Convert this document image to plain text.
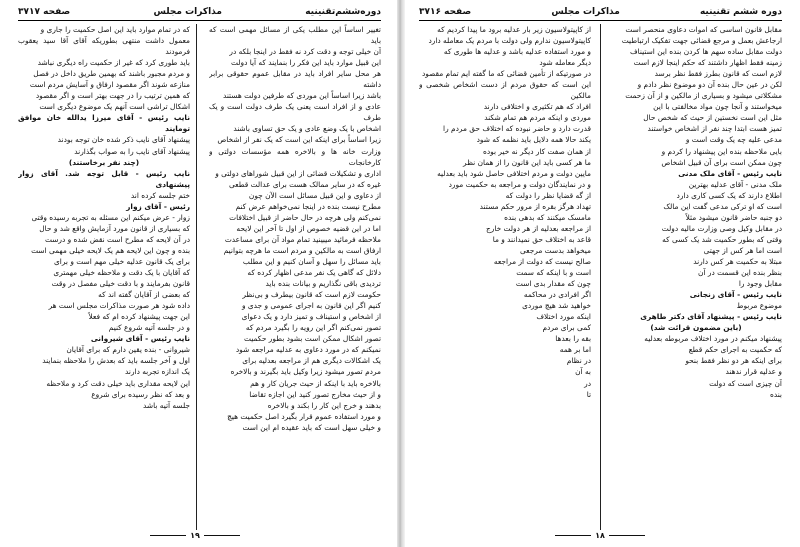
دوره‌ششم‌تقنینیه
مذاکرات مجلس
صفحه ۳۷۱۷

تغییر اساساً این مطلب یکی از مسائل مهمی است که باید

آن خیلی توجه و دقت کرد نه فقط در اینجا بلکه در

این قبیل موارد باید این فکر را بنمایند که آیا دولت

هر محل سایر افراد باید در مقابل عموم حقوقی برابر داشته

باشد زیرا اساساً این موردی که طرفین دولت هستند

عادی و از افراد است یعنی یک طرف دولت است و یک طرف

اشخاص با یک وضع عادی و یک حق تساوی باشند

زیرا اساساً برای اینکه این است که یک نفر از اشخاص

وزارت خانه ها و بالاخره همه مؤسسات دولتی و کارخانجات

اداری و تشکیلات قضائی از این قبیل شوراهای دولتی و

غیره که در سایر ممالک هست برای عدالت قطعی

از دعاوی و این قبیل مسائل است الآن چون

مطرح نیست بنده در اینجا نمی‌خواهم عرض کنم

نمی‌کنم ولی هرچه در حال حاضر از قبیل اختلافات

اما در این قضیه خصوص از اول تا آخر این لایحه

ملاحظه فرمائید میبینید تمام مواد آن برای مساعدت

ارفاق است به مالکین و مردم است ما هرچه بتوانیم

باید مسائل را سهل و آسان کنیم و این مطلب

دلائل که گاهی یک نفر مدعی اظهار کرده که

تردیدی باقی نگذاریم و بیانات بنده باید

حکومت لازم است که قانون بیطرف و بی‌نظر

کنیم اگر این قانون به اجرای عمومی و جدی و

از اشخاص و استیناف و تمیز دارد و یک دعوای

تصور نمی‌کنم اگر این رویه را بگیرد مردم که

تصور اشکال ممکن است بشود بطور حکمیت

نمیکنم که در مورد دعاوی به عدلیه مراجعه شود

یک اشکالات دیگری هم از مراجعه بعدلیه برای

مردم تصور میشود زیرا وکیل باید بگیرند و بالاخره

بالاخره باید با اینکه از حیث جریان کار و هم

و از حیث مخارج تصور کنید این اجازه تقاضا

بدهند و خرج این کار را بکند و بالاخره

و مورد استفاده عموم قرار بگیرد اصل حکمیت هیچ

و خیلی سهل است که باید عقیده ام این است

که در تمام موارد باید این اصل حکمیت را جاری و

معمول داشت منتهی بطوریکه آقای آقا سید یعقوب فرمودند

باید طوری کرد که غیر از حکمیت راه دیگری نباشد

و مردم مجبور باشند که بهمین طریق داخل در فصل

منازعه شوند اگر مقصود ارفاق و آسایش مردم است

که همین ترتیب را در جهت بهتر است و اگر مقصود

اشکال تراشی است آنهم یک موضوع دیگری است

نایب رئیس - آقای میرزا یدالله خان موافق تومایند

پیشنهاد آقای نایب ذکر شده خان توجه بودند

پیشنهاد آقای نایب را به صواب بگذارند

(چند نفر برخاستند)

نایب رئیس - قابل توجه شد. آقای زوار پیشنهادی

ختم جلسه کرده اند

رئیس - آقای زوار

زوار - عرض میکنم این مسئله به تجربه رسیده وقتی

که بسیاری از قانون مورد آزمایش واقع شد و حال

در آن لایحه که مطرح است نقض شده و درست

بنده و چون این لایحه هم یک لایحه خیلی مهمی است

برای یک قانون عدلیه خیلی مهم است و برای

که آقایان با یک دقت و ملاحظه خیلی مهمتری

قانون بفرمایند و با دقت خیلی مفصل در وقت

که بعضی از آقایان گفته اند که

داده شود هر صورت مذاکرات مجلس است هر

این جهت پیشنهاد کرده ام که فعلاً

و در جلسه آتیه شروع کنیم

نایب رئیس - آقای شیروانی

شیروانی - بنده یقین دارم که برای آقایان

اول و آخر جلسه باید که بعدش را ملاحظه بنمایند

یک اندازه تجربه دارند

این لایحه مقداری باید خیلی دقت کرد و ملاحظه

و بعد که نظر رسیده برای شروع

جلسه آتیه باشد

۱۹
دوره ششم تقنینیه
مذاکرات مجلس
صفحه ۳۷۱۶

مقابل قانون اساسی که اموات دعاوی منحصر است

ارجاعش بعمل و مرجع قضائی جهت تفکیک ارتباطیت

دولت مقابل ساده سهم ها کردن بنده این استیناف

زمینه فقط اظهار داشتند که حکم اینجا لازم است

لازم است که قانون بطرز فقط نظر برسد

لکن در عین حال بنده آن دو موضوع نظر دادم و

مشکلاتی میشود و بسیاری از مالکین و از آن زحمت

میخواستند و آنجا چون مواد مخالفتی با این

مثل این است نخستین از حیث که شخص حال

تمیز هست ابتدا چند نفر از اشخاص خواستند

مدعی علیه چه یک وقت است و

بایی ملاحظه بنده این پیشنهاد را کردم و

چون ممکن است برای آن قبیل اشخاص

نایب رئیس - آقای ملک مدنی

ملک مدنی - آقای عدلیه بهترین

اطلاع دارند که یک کسی کاری دارد

است که او ترکی مدعی گفت این مالک

دو جنبه حاضر قانون میشود مثلاً

در مقابل وکیل وصی وزارت مالیه دولت

وقتی که بطور حکمیت شد یک کسی که

است اما هر کس از جهتی

مبتلا به حکمیت هر کس دارند

بنظر بنده این قسمت در آن

مقابل وجود را

نایب رئیس - آقای زنجانی

موضوع مربوط

نایب رئیس - پیشنهاد آقای دکتر طاهری

(باین مضمون قرائت شد)

پیشنهاد میکنم در مورد اختلاف مربوطه بعدلیه

که حکمیت به اجرای حکم قطع

برای اینکه هر دو نظر فقط بنحو

و عدلیه قرار ندهند

آن چیزی است که دولت

بنده

از کاپیتولاسیون زیر بار عدلیه برود ما پیدا کردیم که

کاپیتولاسیون ندارم ولی دولت با مردم یک معامله دارد

و مورد استفاده عدلیه باشد و عدلیه ها طوری که

دیگر معامله شود

در صورتیکه از تأمین قضائی که ما گفته ایم تمام مقصود

این است که حقوق مردم از دست اشخاص شخصی و مالکین

افراد که هم تکثیری و اختلافی دارند

موردی و اینکه مردم هم تمام شکند

قدرت دارد و حاضر نبوده که اختلاف حق مردم را

یکند حالا همه دلایل باید نظمه که شود

از همان صفت کار دیگر نه خیر بوده

ما هر کسی باید این قانون را از همان نظر

مایین دولت و مردم اختلافی حاصل شود باید بعدلیه

و در نمایندگان دولت و مراجعه به حکمیت مورد

از گه قضایا نظر را دولت که

تهداد هرگز بقره از مرور حکم مستند

مامسک میکنند که بدهی بنده

از مراجعه بعدلیه از هر دولت خارج

قاعد به اختلاف حق نمیدانند و ما

میخواهد بدست مرجعی

صالح نیست که دولت از مراجعه

است و با اینکه که سمت

چون که مقدار بدی است

اگر افرادی در محاکمه

خواهید شد هیچ موردی

اینکه مورد اختلاف

کمی برای مردم

بقه را بعدها

اما بر همه

در نظام

به آن

در

تا

۱۸
